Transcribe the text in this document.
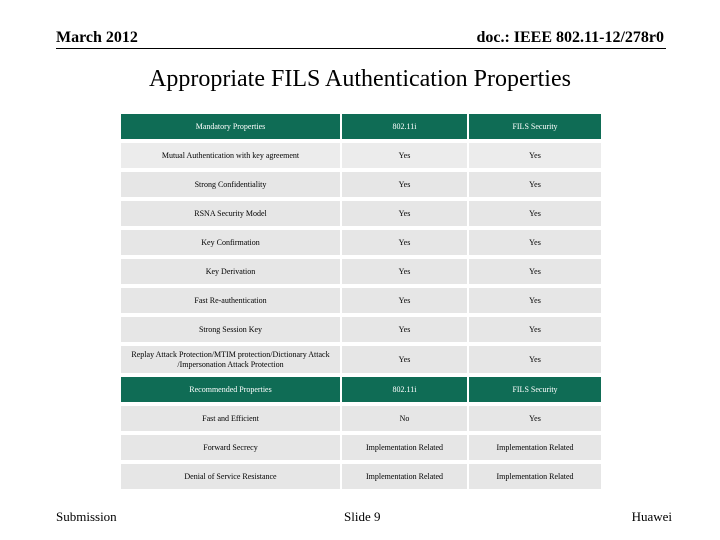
March 2012	doc.: IEEE 802.11-12/278r0
Appropriate FILS Authentication Properties
Mandatory Properties	802.11i	FILS Security
Mutual Authentication with key agreement	Yes	Yes
Strong Confidentiality	Yes	Yes
RSNA Security Model	Yes	Yes
Key Confirmation	Yes	Yes
Key Derivation	Yes	Yes
Fast Re-authentication	Yes	Yes
Strong Session Key	Yes	Yes
Replay Attack Protection/MTIM protection/Dictionary Attack /Impersonation Attack Protection	Yes	Yes
Recommended Properties	802.11i	FILS Security
Fast and Efficient	No	Yes
Forward Secrecy	Implementation Related	Implementation Related
Denial of Service Resistance	Implementation Related	Implementation Related
Submission	Slide 9	Huawei
